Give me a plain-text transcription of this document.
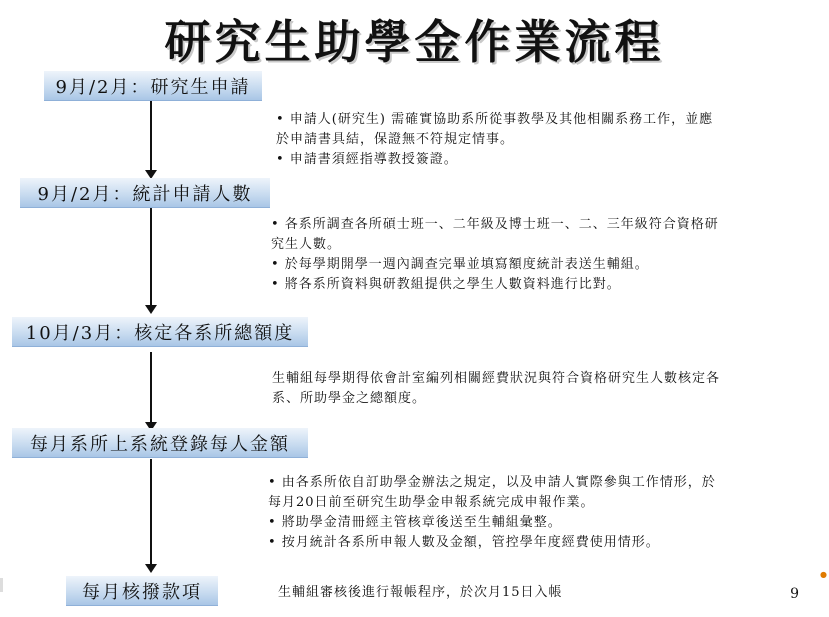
研究生助學金作業流程
9月/2月：研究生申請
9月/2月：統計申請人數
10月/3月：核定各系所總額度
每月系所上系統登錄每人金額
每月核撥款項
• 申請人(研究生) 需確實協助系所從事教學及其他相關系務工作，並應
於申請書具結，保證無不符規定情事。
• 申請書須經指導教授簽證。
• 各系所調查各所碩士班一、二年級及博士班一、二、三年級符合資格研
究生人數。
• 於每學期開學一週內調查完畢並填寫額度統計表送生輔組。
• 將各系所資料與研教組提供之學生人數資料進行比對。
生輔組每學期得依會計室編列相關經費狀況與符合資格研究生人數核定各
系、所助學金之總額度。
• 由各系所依自訂助學金辦法之規定，以及申請人實際參與工作情形，於
每月20日前至研究生助學金申報系統完成申報作業。
• 將助學金清冊經主管核章後送至生輔組彙整。
• 按月統計各系所申報人數及金額，管控學年度經費使用情形。
生輔組審核後進行報帳程序，於次月15日入帳	9
●
